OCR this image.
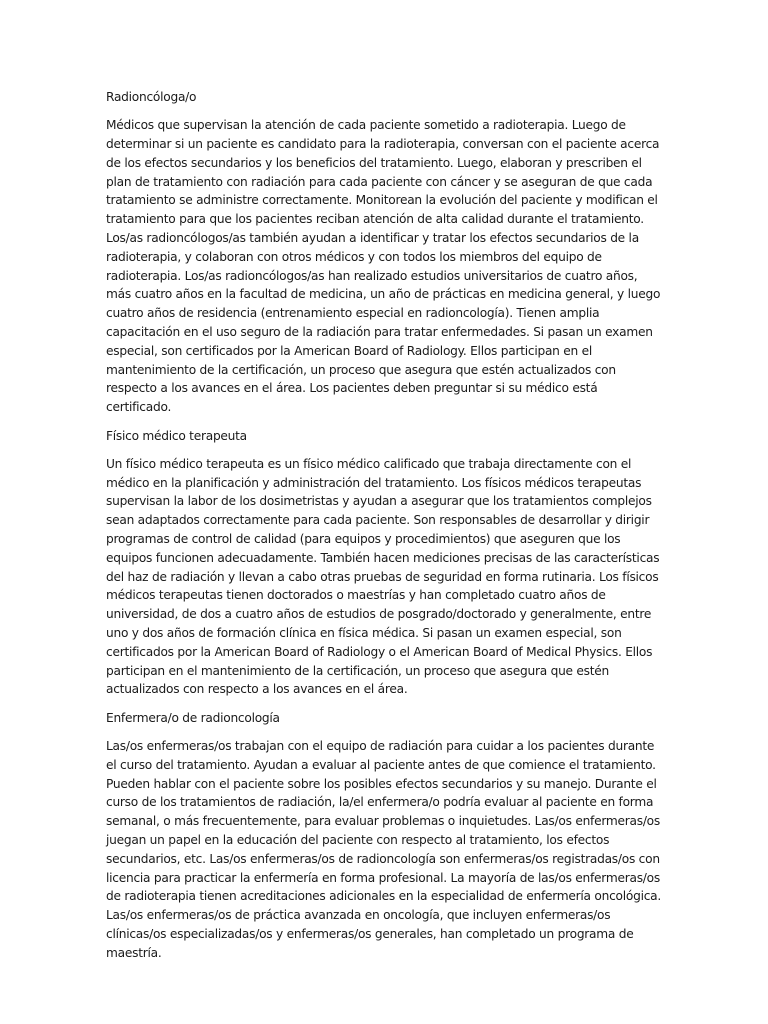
Radioncóloga/o

Médicos que supervisan la atención de cada paciente sometido a radioterapia. Luego de determinar si un paciente es candidato para la radioterapia, conversan con el paciente acerca de los efectos secundarios y los beneficios del tratamiento. Luego, elaboran y prescriben el plan de tratamiento con radiación para cada paciente con cáncer y se aseguran de que cada tratamiento se administre correctamente. Monitorean la evolución del paciente y modifican el tratamiento para que los pacientes reciban atención de alta calidad durante el tratamiento. Los/as radioncólogos/as también ayudan a identificar y tratar los efectos secundarios de la radioterapia, y colaboran con otros médicos y con todos los miembros del equipo de radioterapia. Los/as radioncólogos/as han realizado estudios universitarios de cuatro años, más cuatro años en la facultad de medicina, un año de prácticas en medicina general, y luego cuatro años de residencia (entrenamiento especial en radioncología). Tienen amplia capacitación en el uso seguro de la radiación para tratar enfermedades. Si pasan un examen especial, son certificados por la American Board of Radiology. Ellos participan en el mantenimiento de la certificación, un proceso que asegura que estén actualizados con respecto a los avances en el área. Los pacientes deben preguntar si su médico está certificado.

Físico médico terapeuta

Un físico médico terapeuta es un físico médico calificado que trabaja directamente con el médico en la planificación y administración del tratamiento. Los físicos médicos terapeutas supervisan la labor de los dosimetristas y ayudan a asegurar que los tratamientos complejos sean adaptados correctamente para cada paciente. Son responsables de desarrollar y dirigir programas de control de calidad (para equipos y procedimientos) que aseguren que los equipos funcionen adecuadamente. También hacen mediciones precisas de las características del haz de radiación y llevan a cabo otras pruebas de seguridad en forma rutinaria. Los físicos médicos terapeutas tienen doctorados o maestrías y han completado cuatro años de universidad, de dos a cuatro años de estudios de posgrado/doctorado y generalmente, entre uno y dos años de formación clínica en física médica. Si pasan un examen especial, son certificados por la American Board of Radiology o el American Board of Medical Physics. Ellos participan en el mantenimiento de la certificación, un proceso que asegura que estén actualizados con respecto a los avances en el área.

Enfermera/o de radioncología

Las/os enfermeras/os trabajan con el equipo de radiación para cuidar a los pacientes durante el curso del tratamiento. Ayudan a evaluar al paciente antes de que comience el tratamiento. Pueden hablar con el paciente sobre los posibles efectos secundarios y su manejo. Durante el curso de los tratamientos de radiación, la/el enfermera/o podría evaluar al paciente en forma semanal, o más frecuentemente, para evaluar problemas o inquietudes. Las/os enfermeras/os juegan un papel en la educación del paciente con respecto al tratamiento, los efectos secundarios, etc. Las/os enfermeras/os de radioncología son enfermeras/os registradas/os con licencia para practicar la enfermería en forma profesional. La mayoría de las/os enfermeras/os de radioterapia tienen acreditaciones adicionales en la especialidad de enfermería oncológica. Las/os enfermeras/os de práctica avanzada en oncología, que incluyen enfermeras/os clínicas/os especializadas/os y enfermeras/os generales, han completado un programa de maestría.
